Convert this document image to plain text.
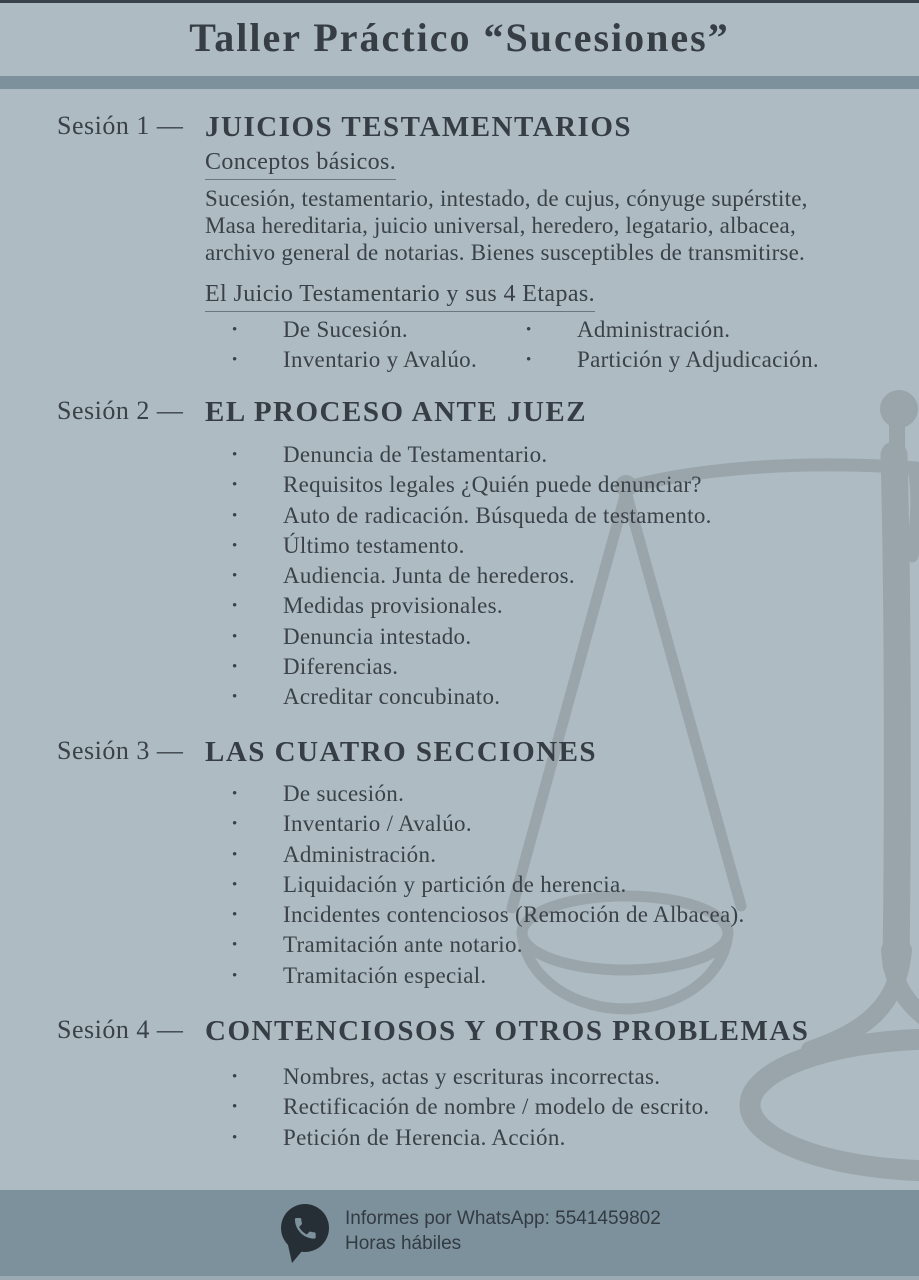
Taller Práctico “Sucesiones”
Sesión 1 — JUICIOS TESTAMENTARIOS
Conceptos básicos.
Sucesión, testamentario, intestado, de cujus, cónyuge supérstite,
Masa hereditaria, juicio universal, heredero, legatario, albacea,
archivo general de notarias. Bienes susceptibles de transmitirse.
El Juicio Testamentario y sus 4 Etapas.
• De Sucesión.	• Administración.
• Inventario y Avalúo.	• Partición y Adjudicación.
Sesión 2 — EL PROCESO ANTE JUEZ
• Denuncia de Testamentario.
• Requisitos legales ¿Quién puede denunciar?
• Auto de radicación. Búsqueda de testamento.
• Último testamento.
• Audiencia. Junta de herederos.
• Medidas provisionales.
• Denuncia intestado.
• Diferencias.
• Acreditar concubinato.
Sesión 3 — LAS CUATRO SECCIONES
• De sucesión.
• Inventario / Avalúo.
• Administración.
• Liquidación y partición de herencia.
• Incidentes contenciosos (Remoción de Albacea).
• Tramitación ante notario.
• Tramitación especial.
Sesión 4 — CONTENCIOSOS Y OTROS PROBLEMAS
• Nombres, actas y escrituras incorrectas.
• Rectificación de nombre / modelo de escrito.
• Petición de Herencia. Acción.
Informes por WhatsApp: 5541459802
Horas hábiles
